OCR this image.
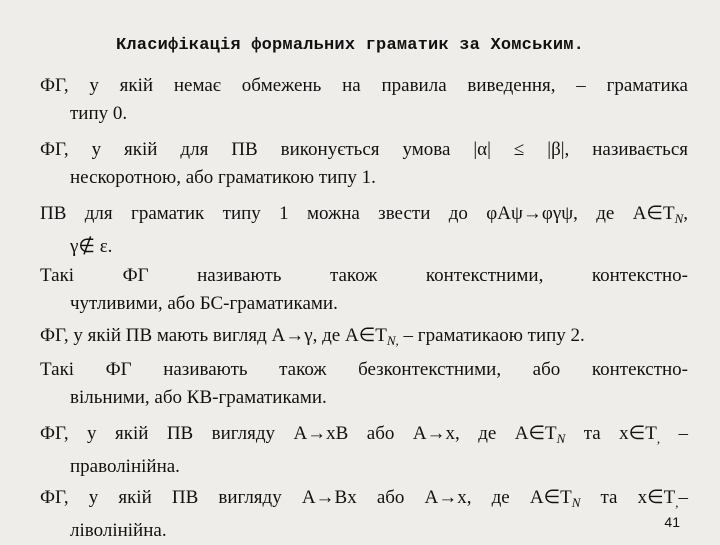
Класифікація формальних граматик за Хомським.
ФГ, у якій немає обмежень на правила виведення, – граматика
типу 0.
ФГ, у якій для ПВ виконується умова |α| ≤ |β|, називається
нескоротною, або граматикою типу 1.
ПВ для граматик типу 1 можна звести до φAψ→φγψ, де $A\in T_N$,
γ∉ ε.
Такі ФГ називають також контекстними, контекстно-
чутливими, або БС-граматиками.
ФГ, у якій ПВ мають вигляд A→γ, де $A\in T_{N,}$ – граматикаою типу 2.
Такі ФГ називають також безконтекстними, або контекстно-
вільними, або КВ-граматиками.
ФГ, у якій ПВ вигляду A→xB або A→x, де $A\in T_N$ та $x\in T_,$ –
праволінійна.
ФГ, у якій ПВ вигляду A→Bx або A→x, де $A\in T_N$ та $x\in T_,-$
ліволінійна.	41
